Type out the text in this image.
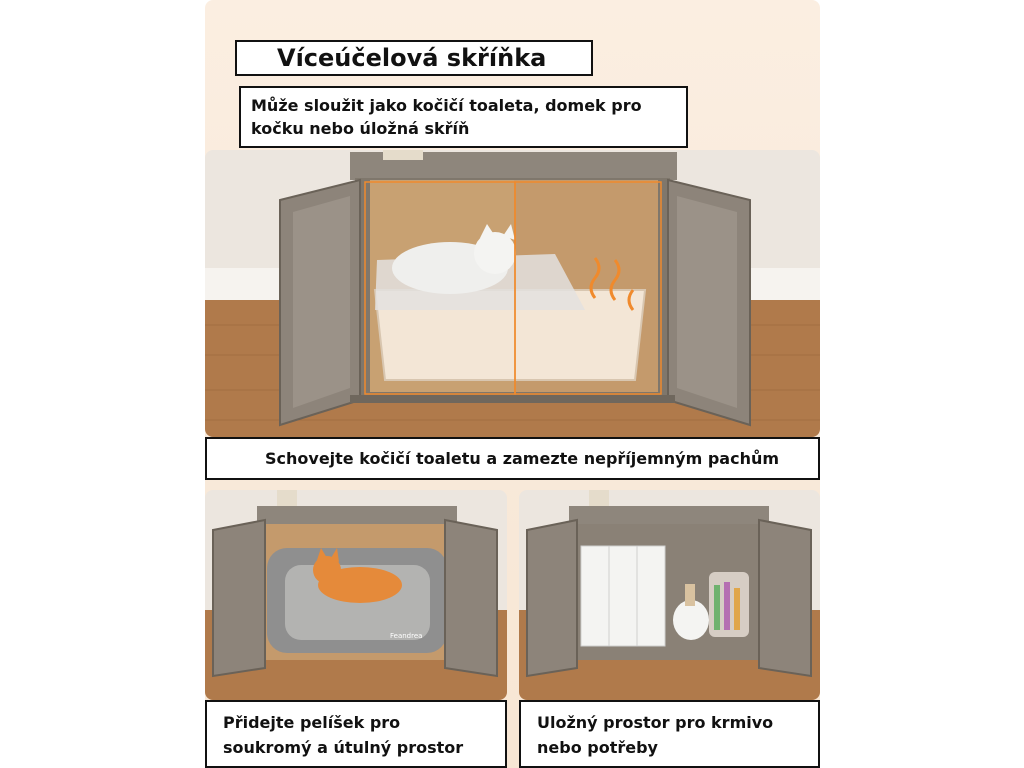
Víceúčelová skříňka
Může sloužit jako kočičí toaleta, domek pro kočku nebo úložná skříň
Schovejte kočičí toaletu a zamezte nepříjemným pachům
Feandrea
Přidejte pelíšek pro soukromý a útulný prostor
Uložný prostor pro krmivo nebo potřeby
